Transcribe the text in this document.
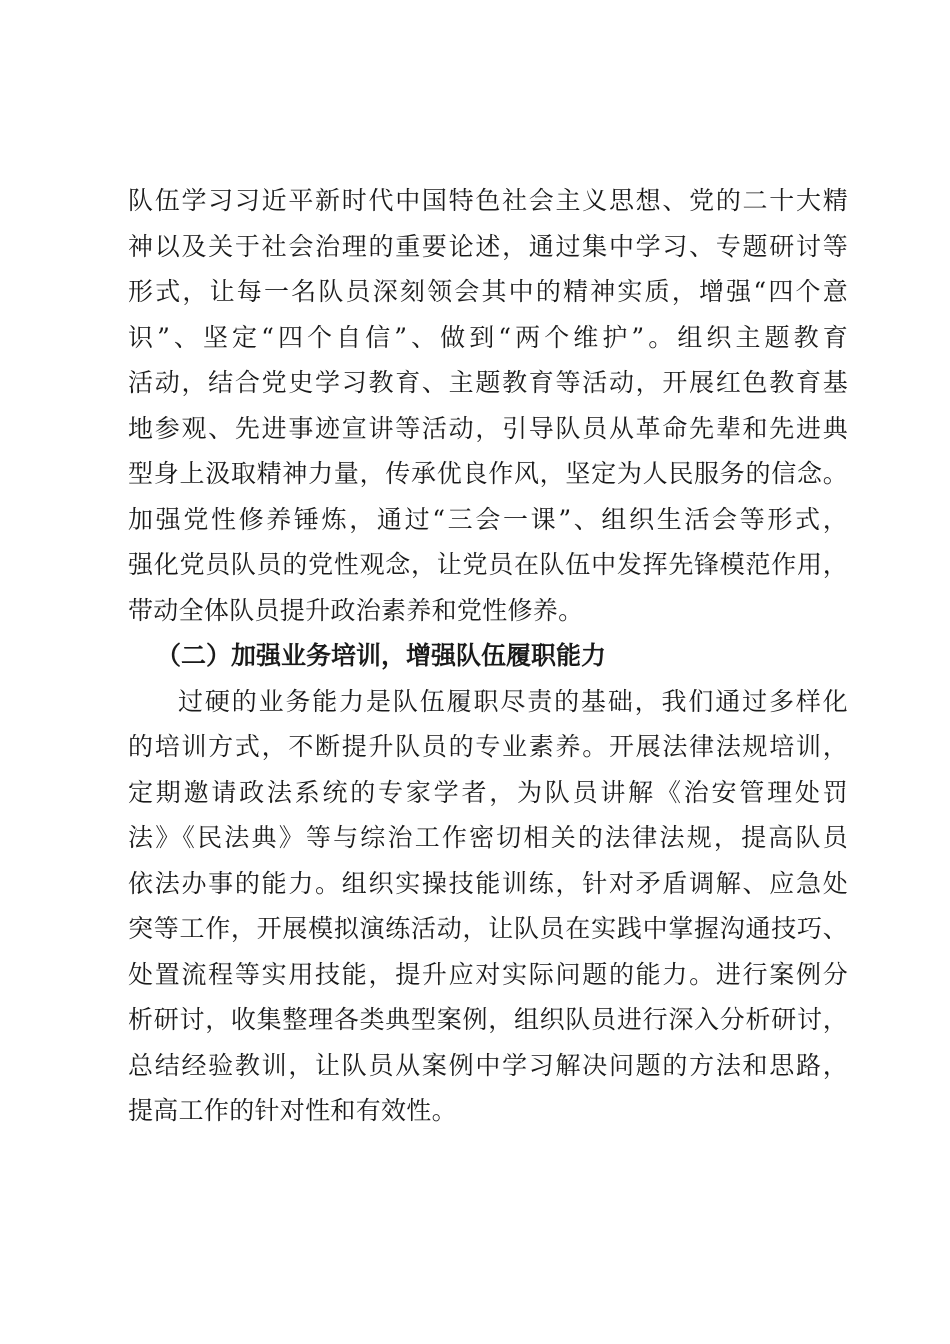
队伍学习习近平新时代中国特色社会主义思想、党的二十大精
神以及关于社会治理的重要论述，通过集中学习、专题研讨等
形式，让每一名队员深刻领会其中的精神实质，增强“四个意
识”、坚定“四个自信”、做到“两个维护”。组织主题教育
活动，结合党史学习教育、主题教育等活动，开展红色教育基
地参观、先进事迹宣讲等活动，引导队员从革命先辈和先进典
型身上汲取精神力量，传承优良作风，坚定为人民服务的信念。
加强党性修养锤炼，通过“三会一课”、组织生活会等形式，
强化党员队员的党性观念，让党员在队伍中发挥先锋模范作用，
带动全体队员提升政治素养和党性修养。
（二）加强业务培训，增强队伍履职能力
过硬的业务能力是队伍履职尽责的基础，我们通过多样化
的培训方式，不断提升队员的专业素养。开展法律法规培训，
定期邀请政法系统的专家学者，为队员讲解《治安管理处罚
法》《民法典》等与综治工作密切相关的法律法规，提高队员
依法办事的能力。组织实操技能训练，针对矛盾调解、应急处
突等工作，开展模拟演练活动，让队员在实践中掌握沟通技巧、
处置流程等实用技能，提升应对实际问题的能力。进行案例分
析研讨，收集整理各类典型案例，组织队员进行深入分析研讨，
总结经验教训，让队员从案例中学习解决问题的方法和思路，
提高工作的针对性和有效性。
